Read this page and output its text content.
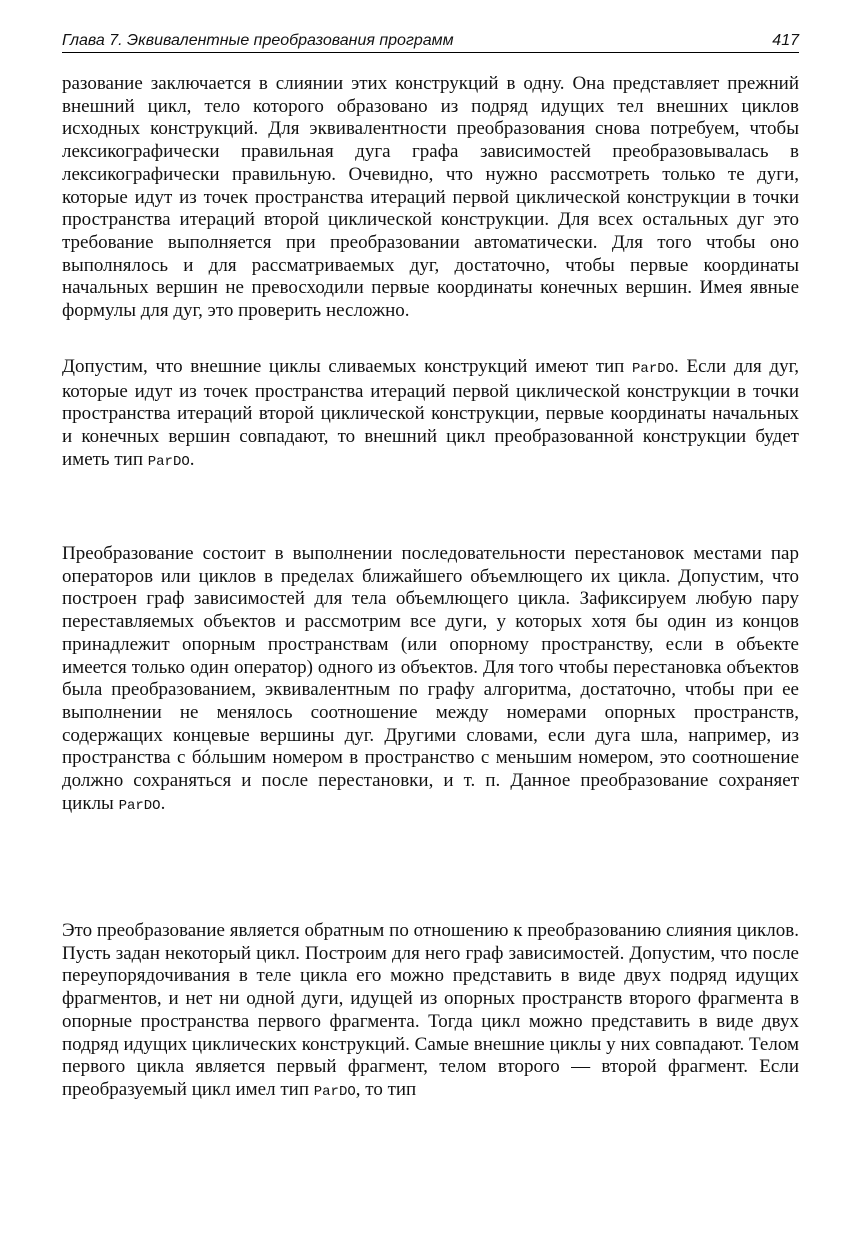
Глава 7. Эквивалентные преобразования программ	417

разование заключается в слиянии этих конструкций в одну. Она представляет прежний внешний цикл, тело которого образовано из подряд идущих тел внешних циклов исходных конструкций. Для эквивалентности преобразования снова потребуем, чтобы лексикографически правильная дуга графа зависимостей преобразовывалась в лексикографически правильную. Очевидно, что нужно рассмотреть только те дуги, которые идут из точек пространства итераций первой циклической конструкции в точки пространства итераций второй циклической конструкции. Для всех остальных дуг это требование выполняется при преобразовании автоматически. Для того чтобы оно выполнялось и для рассматриваемых дуг, достаточно, чтобы первые координаты начальных вершин не превосходили первые координаты конечных вершин. Имея явные формулы для дуг, это проверить несложно.

Допустим, что внешние циклы сливаемых конструкций имеют тип ParDO. Если для дуг, которые идут из точек пространства итераций первой циклической конструкции в точки пространства итераций второй циклической конструкции, первые координаты начальных и конечных вершин совпадают, то внешний цикл преобразованной конструкции будет иметь тип ParDO.

Преобразование состоит в выполнении последовательности перестановок местами пар операторов или циклов в пределах ближайшего объемлющего их цикла. Допустим, что построен граф зависимостей для тела объемлющего цикла. Зафиксируем любую пару переставляемых объектов и рассмотрим все дуги, у которых хотя бы один из концов принадлежит опорным пространствам (или опорному пространству, если в объекте имеется только один оператор) одного из объектов. Для того чтобы перестановка объектов была преобразованием, эквивалентным по графу алгоритма, достаточно, чтобы при ее выполнении не менялось соотношение между номерами опорных пространств, содержащих концевые вершины дуг. Другими словами, если дуга шла, например, из пространства с бóльшим номером в пространство с меньшим номером, это соотношение должно сохраняться и после перестановки, и т. п. Данное преобразование сохраняет циклы ParDO.

Это преобразование является обратным по отношению к преобразованию слияния циклов. Пусть задан некоторый цикл. Построим для него граф зависимостей. Допустим, что после переупорядочивания в теле цикла его можно представить в виде двух подряд идущих фрагментов, и нет ни одной дуги, идущей из опорных пространств второго фрагмента в опорные пространства первого фрагмента. Тогда цикл можно представить в виде двух подряд идущих циклических конструкций. Самые внешние циклы у них совпадают. Телом первого цикла является первый фрагмент, телом второго — второй фрагмент. Если преобразуемый цикл имел тип ParDO, то тип
